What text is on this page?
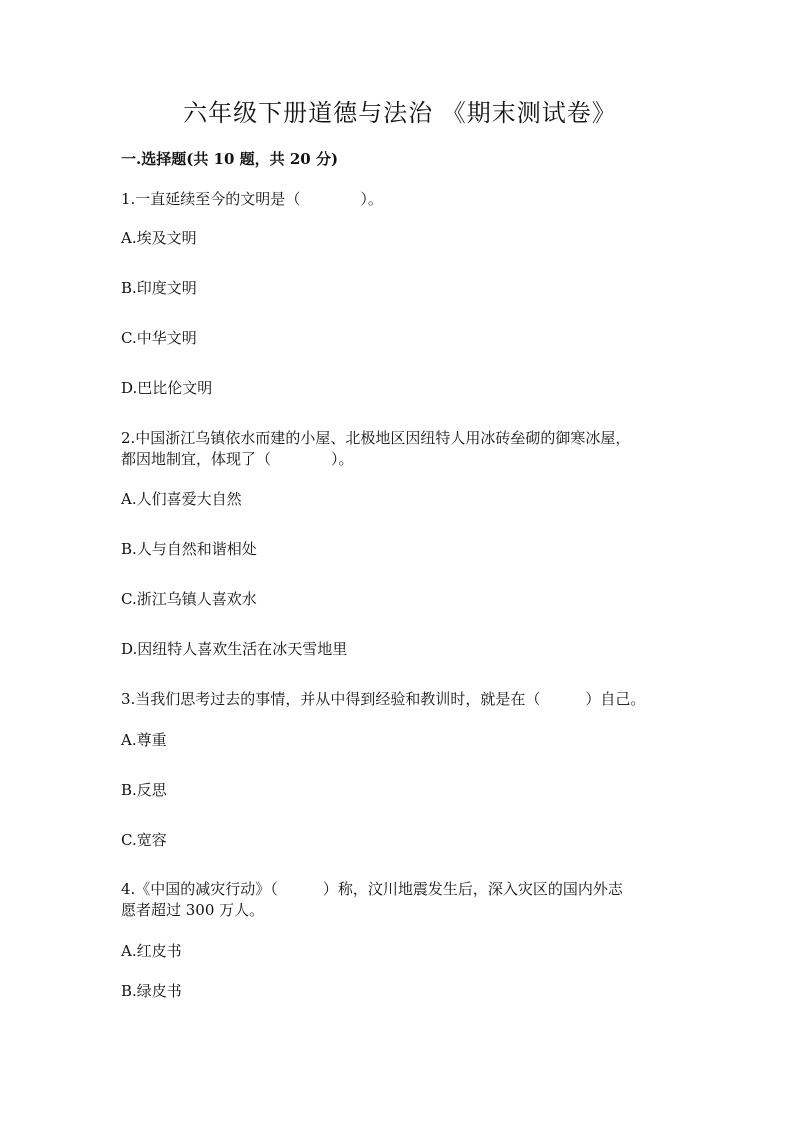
六年级下册道德与法治 《期末测试卷》
一.选择题(共 10 题，共 20 分)
1.一直延续至今的文明是（　　　　）。
A.埃及文明
B.印度文明
C.中华文明
D.巴比伦文明
2.中国浙江乌镇依水而建的小屋、北极地区因纽特人用冰砖垒砌的御寒冰屋，
都因地制宜，体现了（　　　　）。
A.人们喜爱大自然
B.人与自然和谐相处
C.浙江乌镇人喜欢水
D.因纽特人喜欢生活在冰天雪地里
3.当我们思考过去的事情，并从中得到经验和教训时，就是在（　　　）自己。
A.尊重
B.反思
C.宽容
4.《中国的减灾行动》（　　　）称，汶川地震发生后，深入灾区的国内外志
愿者超过 300 万人。
A.红皮书
B.绿皮书
